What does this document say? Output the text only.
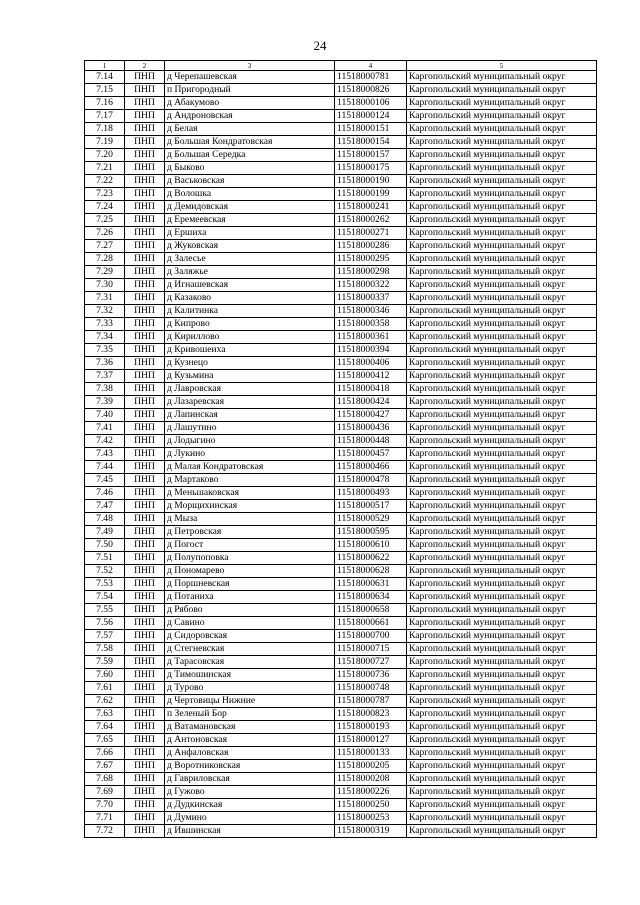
24
1	2	3	4	5
7.14	ПНП	д Черепашевская	11518000781	Каргопольский муниципальный округ
7.15	ПНП	п Пригородный	11518000826	Каргопольский муниципальный округ
7.16	ПНП	д Абакумово	11518000106	Каргопольский муниципальный округ
7.17	ПНП	д Андроновская	11518000124	Каргопольский муниципальный округ
7.18	ПНП	д Белая	11518000151	Каргопольский муниципальный округ
7.19	ПНП	д Большая Кондратовская	11518000154	Каргопольский муниципальный округ
7.20	ПНП	д Большая Середка	11518000157	Каргопольский муниципальный округ
7.21	ПНП	д Быково	11518000175	Каргопольский муниципальный округ
7.22	ПНП	д Васьковская	11518000190	Каргопольский муниципальный округ
7.23	ПНП	д Волошка	11518000199	Каргопольский муниципальный округ
7.24	ПНП	д Демидовская	11518000241	Каргопольский муниципальный округ
7.25	ПНП	д Еремеевская	11518000262	Каргопольский муниципальный округ
7.26	ПНП	д Ершиха	11518000271	Каргопольский муниципальный округ
7.27	ПНП	д Жуковская	11518000286	Каргопольский муниципальный округ
7.28	ПНП	д Залесье	11518000295	Каргопольский муниципальный округ
7.29	ПНП	д Заляжье	11518000298	Каргопольский муниципальный округ
7.30	ПНП	д Игнашевская	11518000322	Каргопольский муниципальный округ
7.31	ПНП	д Казаково	11518000337	Каргопольский муниципальный округ
7.32	ПНП	д Калитинка	11518000346	Каргопольский муниципальный округ
7.33	ПНП	д Кипрово	11518000358	Каргопольский муниципальный округ
7.34	ПНП	д Кириллово	11518000361	Каргопольский муниципальный округ
7.35	ПНП	д Кривошеиха	11518000394	Каргопольский муниципальный округ
7.36	ПНП	д Кузнецо	11518000406	Каргопольский муниципальный округ
7.37	ПНП	д Кузьмина	11518000412	Каргопольский муниципальный округ
7.38	ПНП	д Лавровская	11518000418	Каргопольский муниципальный округ
7.39	ПНП	д Лазаревская	11518000424	Каргопольский муниципальный округ
7.40	ПНП	д Лапинская	11518000427	Каргопольский муниципальный округ
7.41	ПНП	д Лашутино	11518000436	Каргопольский муниципальный округ
7.42	ПНП	д Лодыгино	11518000448	Каргопольский муниципальный округ
7.43	ПНП	д Лукино	11518000457	Каргопольский муниципальный округ
7.44	ПНП	д Малая Кондратовская	11518000466	Каргопольский муниципальный округ
7.45	ПНП	д Мартаково	11518000478	Каргопольский муниципальный округ
7.46	ПНП	д Меньшаковская	11518000493	Каргопольский муниципальный округ
7.47	ПНП	д Морщихинская	11518000517	Каргопольский муниципальный округ
7.48	ПНП	д Мыза	11518000529	Каргопольский муниципальный округ
7.49	ПНП	д Петровская	11518000595	Каргопольский муниципальный округ
7.50	ПНП	д Погост	11518000610	Каргопольский муниципальный округ
7.51	ПНП	д Полупоповка	11518000622	Каргопольский муниципальный округ
7.52	ПНП	д Пономарево	11518000628	Каргопольский муниципальный округ
7.53	ПНП	д Поршневская	11518000631	Каргопольский муниципальный округ
7.54	ПНП	д Потаниха	11518000634	Каргопольский муниципальный округ
7.55	ПНП	д Рябово	11518000658	Каргопольский муниципальный округ
7.56	ПНП	д Савино	11518000661	Каргопольский муниципальный округ
7.57	ПНП	д Сидоровская	11518000700	Каргопольский муниципальный округ
7.58	ПНП	д Стегневская	11518000715	Каргопольский муниципальный округ
7.59	ПНП	д Тарасовская	11518000727	Каргопольский муниципальный округ
7.60	ПНП	д Тимошинская	11518000736	Каргопольский муниципальный округ
7.61	ПНП	д Турово	11518000748	Каргопольский муниципальный округ
7.62	ПНП	д Чертовицы Нижние	11518000787	Каргопольский муниципальный округ
7.63	ПНП	п Зеленый Бор	11518000823	Каргопольский муниципальный округ
7.64	ПНП	д Ватамановская	11518000193	Каргопольский муниципальный округ
7.65	ПНП	д Антоновская	11518000127	Каргопольский муниципальный округ
7.66	ПНП	д Анфаловская	11518000133	Каргопольский муниципальный округ
7.67	ПНП	д Воротниковская	11518000205	Каргопольский муниципальный округ
7.68	ПНП	д Гавриловская	11518000208	Каргопольский муниципальный округ
7.69	ПНП	д Гужово	11518000226	Каргопольский муниципальный округ
7.70	ПНП	д Дудкинская	11518000250	Каргопольский муниципальный округ
7.71	ПНП	д Думино	11518000253	Каргопольский муниципальный округ
7.72	ПНП	д Ившинская	11518000319	Каргопольский муниципальный округ
